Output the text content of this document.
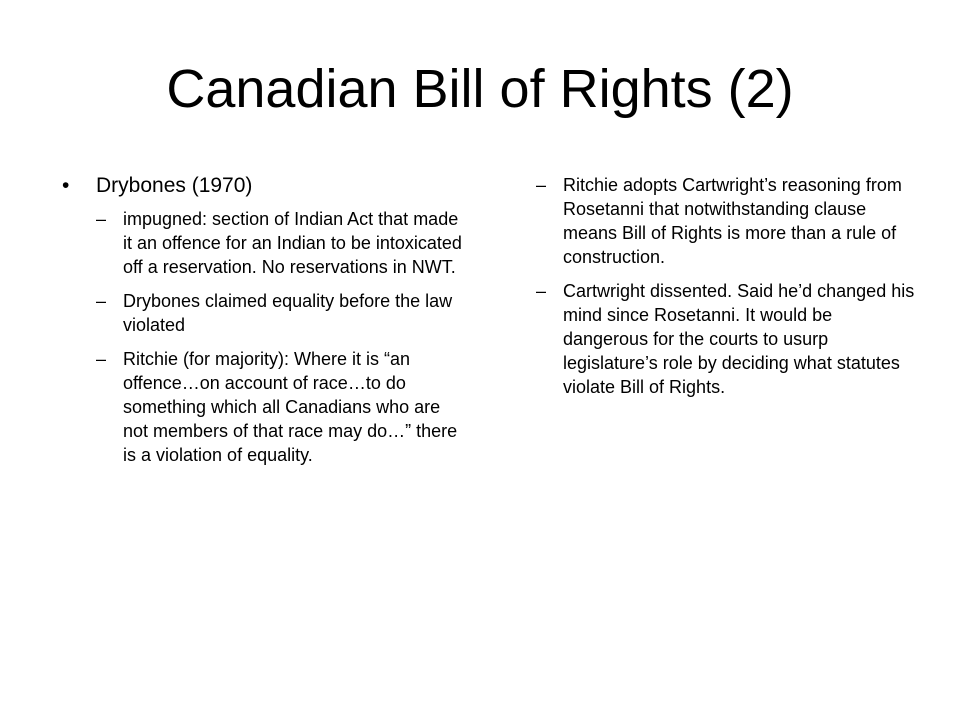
Canadian Bill of Rights (2)
•	Drybones (1970)
– impugned: section of Indian Act that made it an offence for an Indian to be intoxicated off a reservation. No reservations in NWT.
– Drybones claimed equality before the law violated
– Ritchie (for majority): Where it is “an offence…on account of race…to do something which all Canadians who are not members of that race may do…” there is a violation of equality.
– Ritchie adopts Cartwright’s reasoning from Rosetanni that notwithstanding clause means Bill of Rights is more than a rule of construction.
– Cartwright dissented. Said he’d changed his mind since Rosetanni. It would be dangerous for the courts to usurp legislature’s role by deciding what statutes violate Bill of Rights.
